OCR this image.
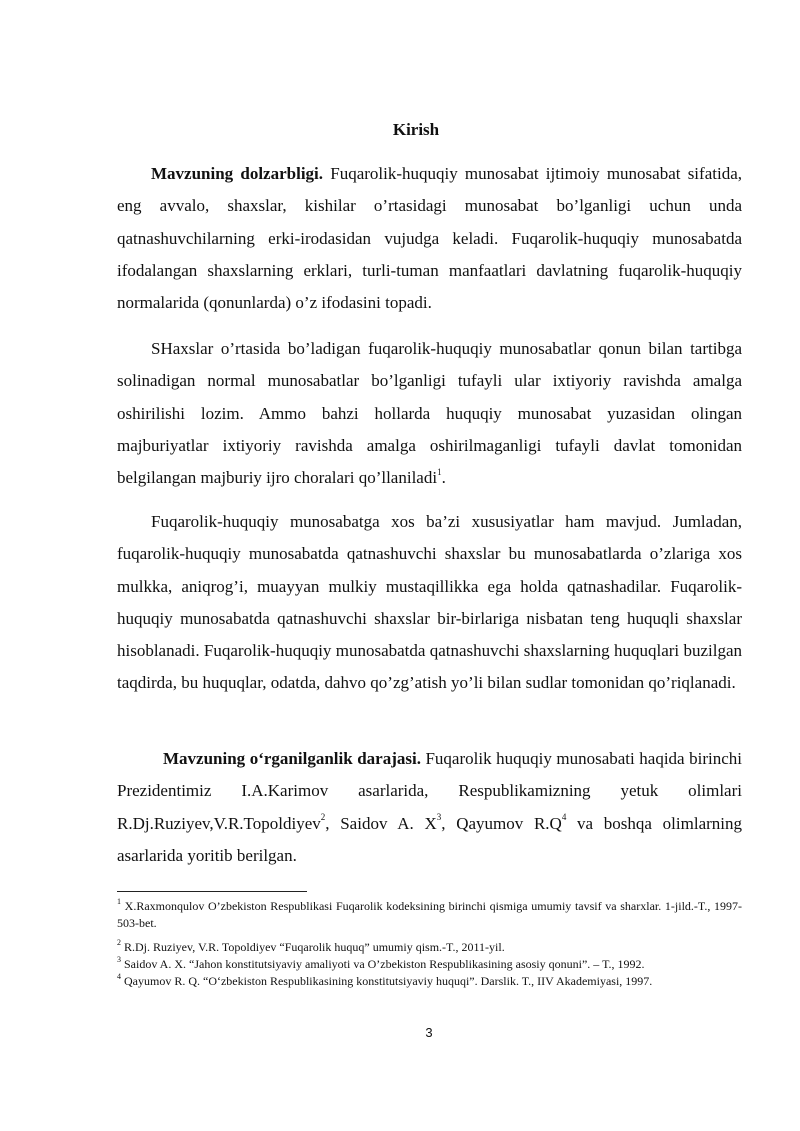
Kirish

Mavzuning dolzarbligi. Fuqarolik-huquqiy munosabat ijtimoiy munosabat sifatida, eng avvalo, shaxslar, kishilar o’rtasidagi munosabat bo’lganligi uchun unda qatnashuvchilarning erki-irodasidan vujudga keladi. Fuqarolik-huquqiy munosabatda ifodalangan shaxslarning erklari, turli-tuman manfaatlari davlatning fuqarolik-huquqiy normalarida (qonunlarda) o’z ifodasini topadi.

SHaxslar o’rtasida bo’ladigan fuqarolik-huquqiy munosabatlar qonun bilan tartibga solinadigan normal munosabatlar bo’lganligi tufayli ular ixtiyoriy ravishda amalga oshirilishi lozim. Ammo bahzi hollarda huquqiy munosabat yuzasidan olingan majburiyatlar ixtiyoriy ravishda amalga oshirilmaganligi tufayli davlat tomonidan belgilangan majburiy ijro choralari qo’llaniladi$^1$.

Fuqarolik-huquqiy munosabatga xos ba’zi xususiyatlar ham mavjud. Jumladan, fuqarolik-huquqiy munosabatda qatnashuvchi shaxslar bu munosabatlarda o’zlariga xos mulkka, aniqrog’i, muayyan mulkiy mustaqillikka ega holda qatnashadilar. Fuqarolik-huquqiy munosabatda qatnashuvchi shaxslar bir-birlariga nisbatan teng huquqli shaxslar hisoblanadi. Fuqarolik-huquqiy munosabatda qatnashuvchi shaxslarning huquqlari buzilgan taqdirda, bu huquqlar, odatda, dahvo qo’zg’atish yo’li bilan sudlar tomonidan qo’riqlanadi.

Mavzuning o‘rganilganlik darajasi. Fuqarolik huquqiy munosabati haqida birinchi Prezidentimiz I.A.Karimov asarlarida, Respublikamizning yetuk olimlari R.Dj.Ruziyev,V.R.Topoldiyev$^2$, Saidov A. $X^3$, Qayumov $R.Q^4$ va boshqa olimlarning asarlarida yoritib berilgan.

$^1$ X.Raxmonqulov O’zbekiston Respublikasi Fuqarolik kodeksining birinchi qismiga umumiy tavsif va sharxlar. 1-jild.-T., 1997-503-bet.

$^2$ R.Dj. Ruziyev, V.R. Topoldiyev “Fuqarolik huquq” umumiy qism.-T., 2011-yil.

$^3$ Saidov A. X. “Jahon konstitutsiyaviy amaliyoti va O’zbekiston Respublikasining asosiy qonuni”. – T., 1992.

$^4$ Qayumov R. Q. “O‘zbekiston Respublikasining konstitutsiyaviy huquqi”. Darslik. T., IIV Akademiyasi, 1997.

3
